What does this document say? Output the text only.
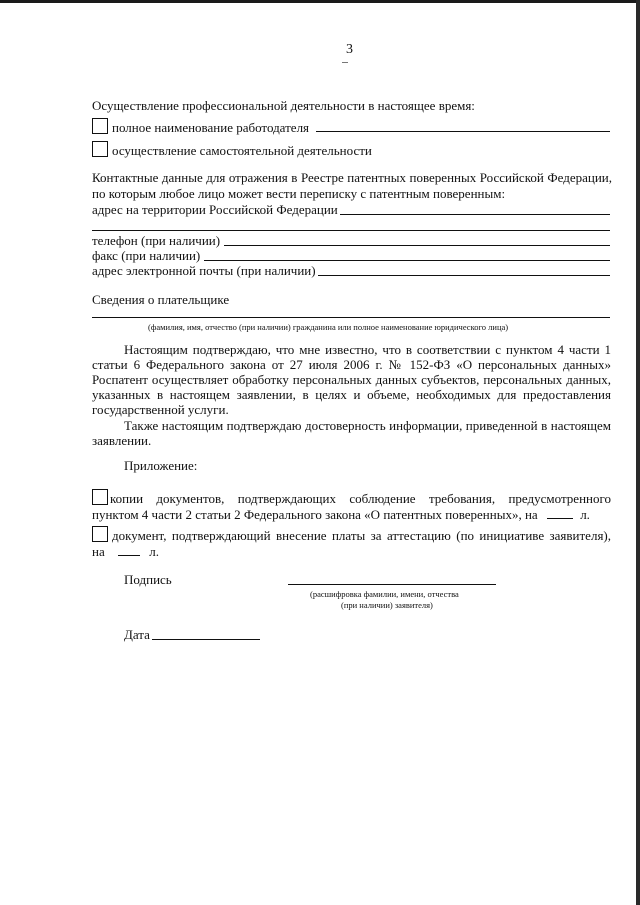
3
Осуществление профессиональной деятельности в настоящее время:
полное наименование работодателя
осуществление самостоятельной деятельности
Контактные данные для отражения в Реестре патентных поверенных Российской Федерации,
по которым любое лицо может вести переписку с патентным поверенным:
адрес на территории Российской Федерации
телефон (при наличии)
факс (при наличии)
адрес электронной почты (при наличии)
Сведения о плательщике
(фамилия, имя, отчество (при наличии) гражданина или полное наименование юридического лица)
Настоящим подтверждаю, что мне известно, что в соответствии с пунктом 4 части 1
статьи 6 Федерального закона от 27 июля 2006 г. № 152-ФЗ «О персональных данных»
Роспатент осуществляет обработку персональных данных субъектов, персональных данных,
указанных в настоящем заявлении, в целях и объеме, необходимых для предоставления
государственной услуги.
Также настоящим подтверждаю достоверность информации, приведенной в настоящем
заявлении.
Приложение:
копии документов, подтверждающих соблюдение требования, предусмотренного
пунктом 4 части 2 статьи 2 Федерального закона «О патентных поверенных», на	л.
документ, подтверждающий внесение платы за аттестацию (по инициативе заявителя),
на	л.
Подпись
(расшифровка фамилии, имени, отчества
(при наличии) заявителя)
Дата
